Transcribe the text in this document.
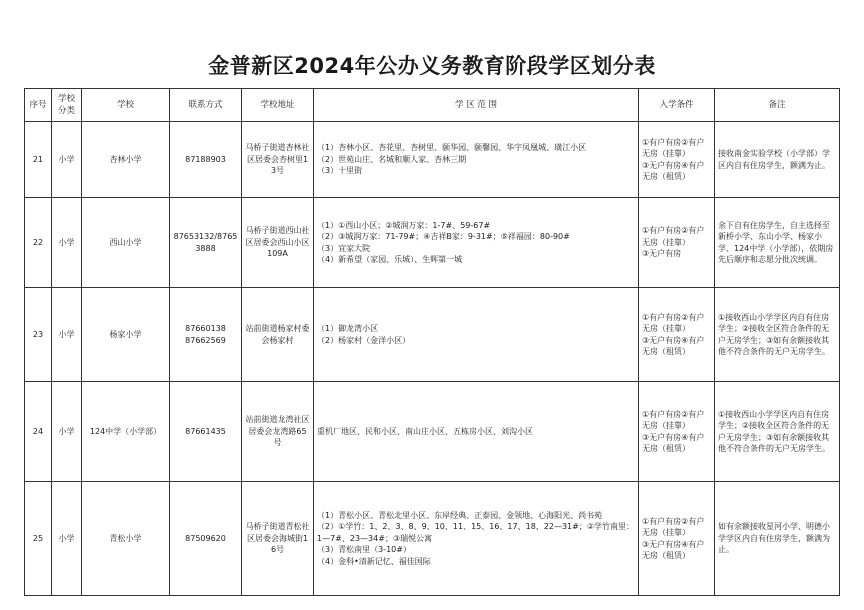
金普新区2024年公办义务教育阶段学区划分表
序号	学校分类	学校	联系方式	学校地址	学 区 范 围	入学条件	备注
21	小学	杏林小学	87188903	马桥子街道杏林社区居委会杏树里13号	（1）杏林小区、杏花里、杏树里、颐华园、颐馨园、华宇凤凰城、璜江小区
（2）世苑山庄、名城和顺人家、杏林三期
（3）十里街	①有户有房②有户无房（挂靠）
③无户有房④有户无房（租赁）	接收南金实验学校（小学部）学区内自有住房学生，额满为止。
22	小学	西山小学	87653132/87653888	马桥子街道西山社区居委会西山小区109A	（1）①西山小区；②城润万家：1-7#、59-67#
（2）③城润万家：71-79#；④吉祥B家：9-31#；⑤祥福园：80-90#
（3）宜家大院
（4）新希望（家园、乐城）、生辉第一城	①有户有房②有户无房（挂靠）
③无户有房	余下自有住房学生，自主选择至新桥小学、东山小学、杨家小学、124中学（小学部），依期房先后顺序和志愿分批次统调。
23	小学	杨家小学	87660138
87662569	站前街道杨家村委会杨家村	（1）御龙湾小区
（2）杨家村（金洋小区）	①有户有房②有户无房（挂靠）
③无户有房④有户无房（租赁）	①接收西山小学学区内自有住房学生；②接收全区符合条件的无户无房学生；③如有余额接收其他不符合条件的无户无房学生。
24	小学	124中学（小学部）	87661435	站前街道龙湾社区居委会龙湾路65号	重机厂地区、民和小区、南山庄小区、五栋房小区、刘沟小区	①有户有房②有户无房（挂靠）
③无户有房④有户无房（租赁）	①接收西山小学学区内自有住房学生；②接收全区符合条件的无户无房学生；③如有余额接收其他不符合条件的无户无房学生。
25	小学	青松小学	87509620	马桥子街道青松社区居委会海城街16号	（1）青松小区、青松北里小区、东岸经典、正泰园、金领地、心海阳光、尚书苑
（2）①学竹：1、2、3、8、9、10、11、15、16、17、18、22—31#；②学竹南里：1—7#、23—34#；③瑞悦公寓
（3）青松南里（3-10#）
（4）金科•清新记忆、福佳国际	①有户有房②有户无房（挂靠）
③无户有房④有户无房（租赁）	如有余额接收星河小学、明德小学学区内自有住房学生，额满为止。
